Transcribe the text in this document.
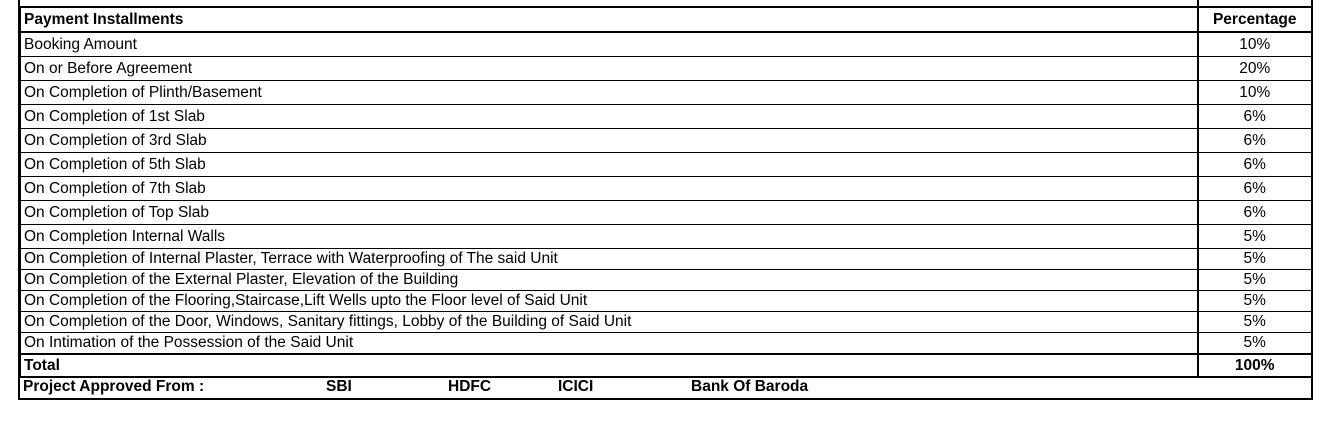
Payment Installments	Percentage
Booking Amount	10%
On or Before Agreement	20%
On Completion of Plinth/Basement	10%
On Completion of 1st Slab	6%
On Completion of 3rd Slab	6%
On Completion of 5th Slab	6%
On Completion of 7th Slab	6%
On Completion of Top Slab	6%
On Completion Internal Walls	5%
On Completion of Internal Plaster, Terrace with Waterproofing of The said Unit	5%
On Completion of the External Plaster, Elevation of the Building	5%
On Completion of the Flooring,Staircase,Lift Wells upto the Floor level of Said Unit	5%
On Completion of the Door, Windows, Sanitary fittings, Lobby of the Building of Said Unit	5%
On Intimation of the Possession of the Said Unit	5%
Total	100%
Project Approved From :	SBI	HDFC	ICICI	Bank Of Baroda
